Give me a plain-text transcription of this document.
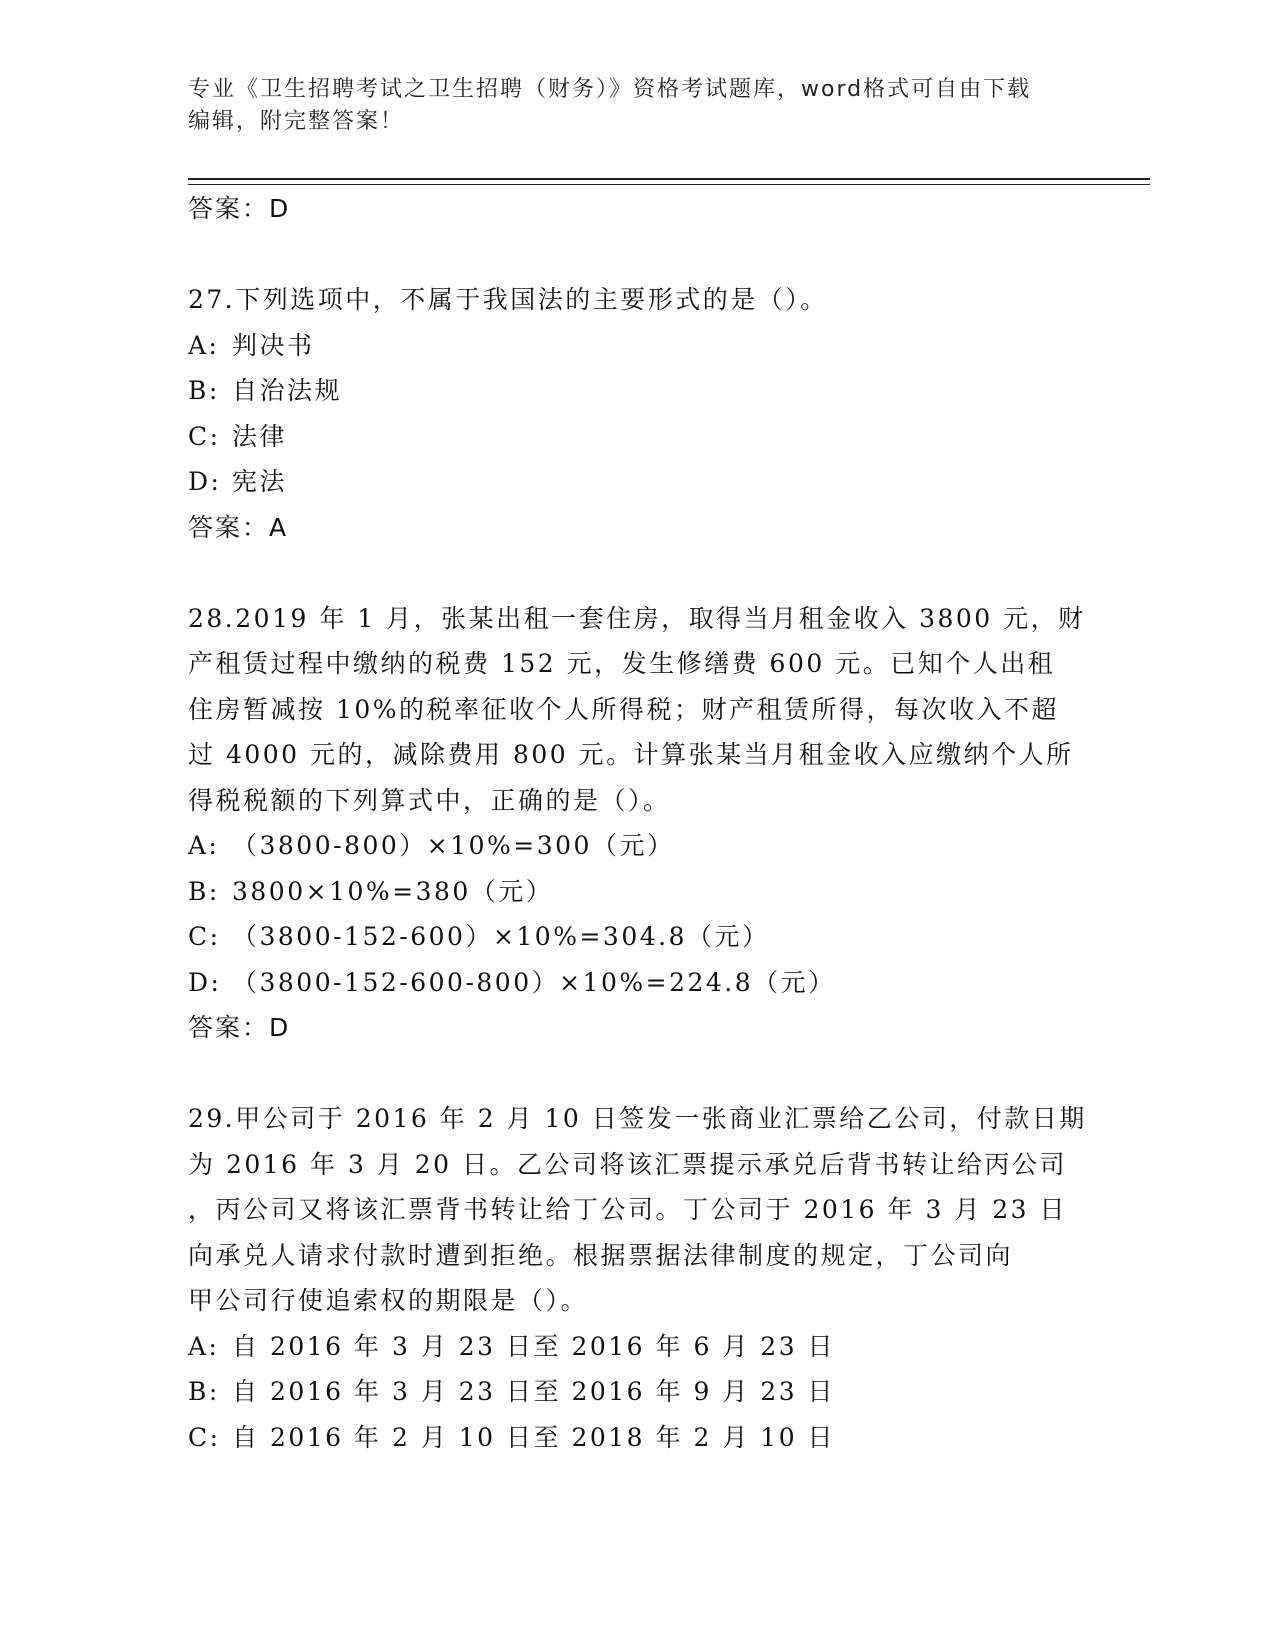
专业《卫生招聘考试之卫生招聘（财务）》资格考试题库，word格式可自由下载
编辑，附完整答案！
答案：D
27.下列选项中，不属于我国法的主要形式的是（）。
A: 判决书
B: 自治法规
C: 法律
D: 宪法
答案：A
28.2019 年 1 月，张某出租一套住房，取得当月租金收入 3800 元，财
产租赁过程中缴纳的税费 152 元，发生修缮费 600 元。已知个人出租
住房暂减按 10%的税率征收个人所得税；财产租赁所得，每次收入不超
过 4000 元的，减除费用 800 元。计算张某当月租金收入应缴纳个人所
得税税额的下列算式中，正确的是（）。
A: （3800-800）×10%=300（元）
B: 3800×10%=380（元）
C: （3800-152-600）×10%=304.8（元）
D: （3800-152-600-800）×10%=224.8（元）
答案：D
29.甲公司于 2016 年 2 月 10 日签发一张商业汇票给乙公司，付款日期
为 2016 年 3 月 20 日。乙公司将该汇票提示承兑后背书转让给丙公司
，丙公司又将该汇票背书转让给丁公司。丁公司于 2016 年 3 月 23 日
向承兑人请求付款时遭到拒绝。根据票据法律制度的规定，丁公司向
甲公司行使追索权的期限是（）。
A: 自 2016 年 3 月 23 日至 2016 年 6 月 23 日
B: 自 2016 年 3 月 23 日至 2016 年 9 月 23 日
C: 自 2016 年 2 月 10 日至 2018 年 2 月 10 日
